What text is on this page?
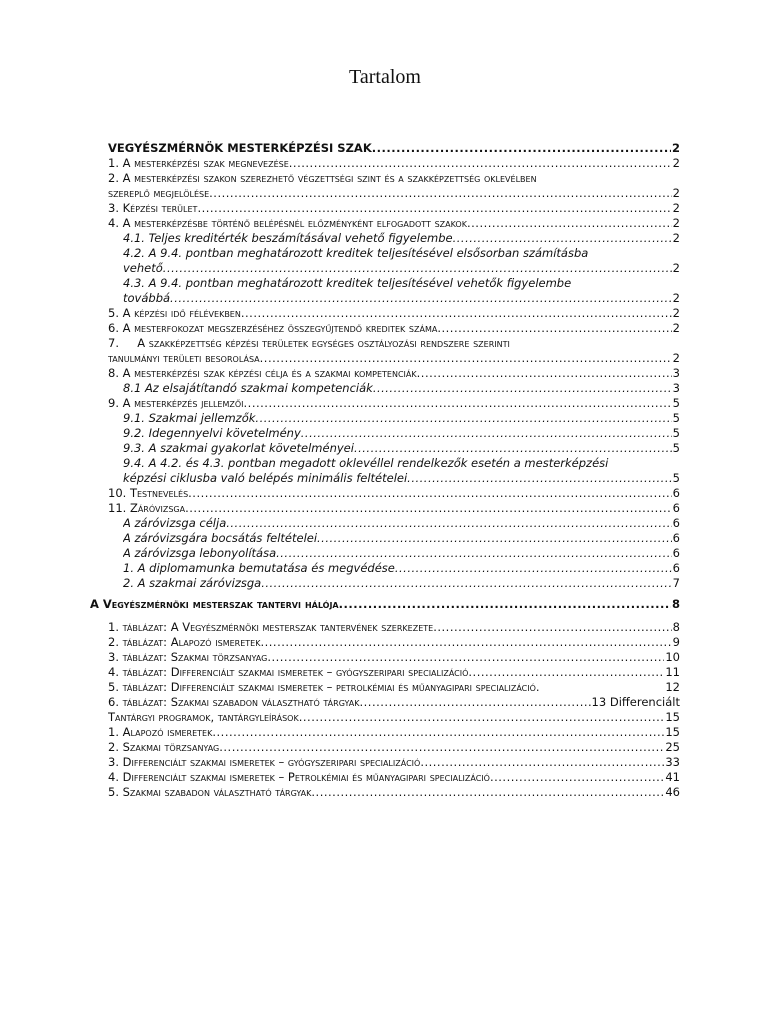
Tartalom
VEGYÉSZMÉRNÖK MESTERKÉPZÉSI SZAK .....	2
1. A mesterképzési szak megnevezése .....	2
2. A mesterképzési szakon szerezhető végzettségi szint és a szakképzettség oklevélben
szereplő megjelölése .....	2
3. Képzési terület .....	2
4. A mesterképzésbe történő belépésnél előzményként elfogadott szakok .....	2
4.1. Teljes kreditérték beszámításával vehető figyelembe .....	2
4.2. A 9.4. pontban meghatározott kreditek teljesítésével elsősorban számításba
vehető .....	2
4.3. A 9.4. pontban meghatározott kreditek teljesítésével vehetők figyelembe
továbbá .....	2
5. A képzési idő félévekben .....	2
6. A mesterfokozat megszerzéséhez összegyűjtendő kreditek száma .....	2
7.     A szakképzettség képzési területek egységes osztályozási rendszere szerinti
tanulmányi területi besorolása .....	2
8. A mesterképzési szak képzési célja és a szakmai kompetenciák .....	3
8.1 Az elsajátítandó szakmai kompetenciák .....	3
9. A mesterképzés jellemzői .....	5
9.1. Szakmai jellemzők .....	5
9.2. Idegennyelvi követelmény .....	5
9.3. A szakmai gyakorlat követelményei .....	5
9.4. A 4.2. és 4.3. pontban megadott oklevéllel rendelkezők esetén a mesterképzési
képzési ciklusba való belépés minimális feltételei .....	5
10. Testnevelés .....	6
11. Záróvizsga .....	6
A záróvizsga célja .....	6
A záróvizsgára bocsátás feltételei .....	6
A záróvizsga lebonyolítása .....	6
1. A diplomamunka bemutatása és megvédése .....	6
2. A szakmai záróvizsga .....	7
A Vegyészmérnöki mesterszak tantervi hálója .....	8
1. táblázat: A Vegyészmérnöki mesterszak tantervének szerkezete .....	8
2. táblázat: Alapozó ismeretek .....	9
3. táblázat: Szakmai törzsanyag .....	10
4. táblázat: Differenciált szakmai ismeretek – gyógyszeripari specializáció .....	11
5. táblázat: Differenciált szakmai ismeretek – petrolkémiai és műanyagipari specializáció.	12
6. táblázat: Szakmai szabadon választható tárgyak .....	13 Differenciált
Tantárgyi programok, tantárgyleírások .....	15
1. Alapozó ismeretek .....	15
2. Szakmai törzsanyag .....	25
3. Differenciált szakmai ismeretek – gyógyszeripari specializáció .....	33
4. Differenciált szakmai ismeretek – Petrolkémiai és műanyagipari specializáció .....	41
5. Szakmai szabadon választható tárgyak .....	46
